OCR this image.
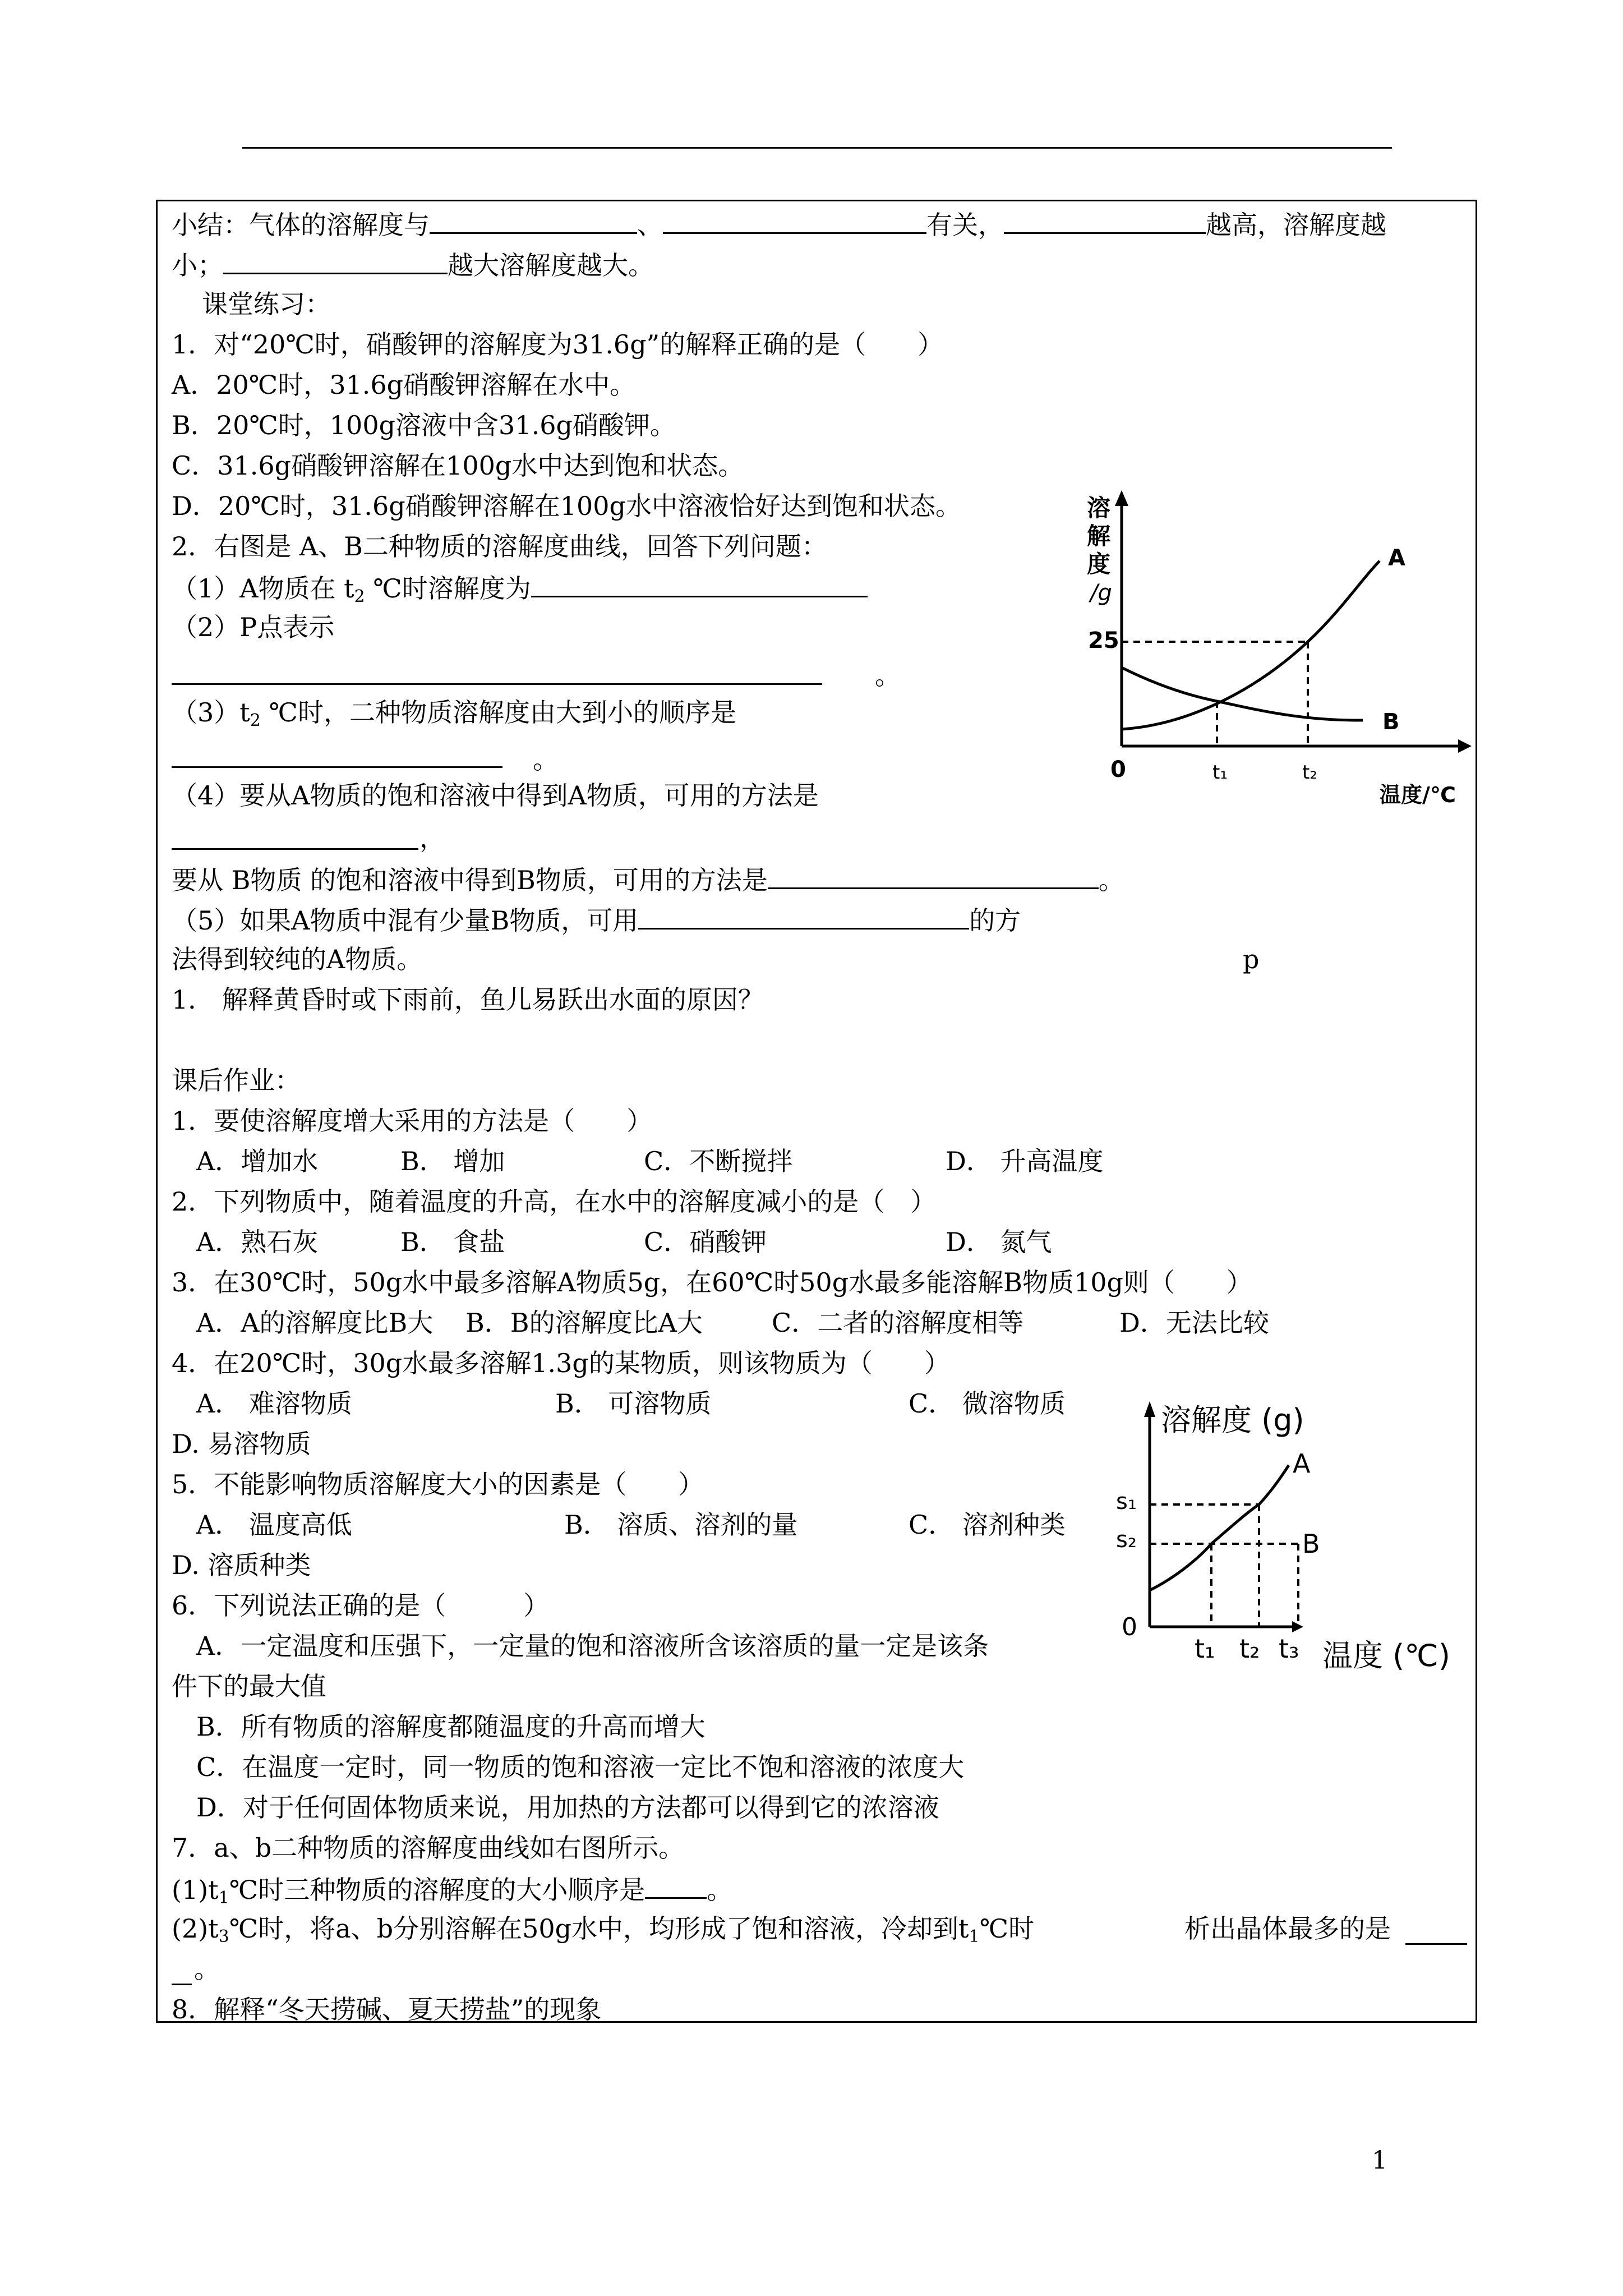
小结：气体的溶解度与	、	有关，	越高，溶解度越
小；	越大溶解度越大。
课堂练习：
1．对“20℃时，硝酸钾的溶解度为31.6g”的解释正确的是（　　）
A．20℃时，31.6g硝酸钾溶解在水中。
B．20℃时，100g溶液中含31.6g硝酸钾。
C．31.6g硝酸钾溶解在100g水中达到饱和状态。
D．20℃时，31.6g硝酸钾溶解在100g水中溶液恰好达到饱和状态。
2．右图是 A、B二种物质的溶解度曲线，回答下列问题：
（1）A物质在 $t_2$ ℃时溶解度为
（2）P点表示
。
$(3)t_2$ ℃时，二种物质溶解度由大到小的顺序是
。
（4）要从A物质的饱和溶液中得到A物质，可用的方法是
，
要从 B物质 的饱和溶液中得到B物质，可用的方法是	。
（5）如果A物质中混有少量B物质，可用	的方
法得到较纯的A物质。	p
1． 解释黄昏时或下雨前，鱼儿易跃出水面的原因？
课后作业：
1．要使溶解度增大采用的方法是（　　）
A．增加水	B． 增加	C．不断搅拌	D． 升高温度
2．下列物质中，随着温度的升高，在水中的溶解度减小的是（　）
A．熟石灰	B． 食盐	C．硝酸钾	D． 氮气
3．在30℃时，50g水中最多溶解A物质5g，在60℃时50g水最多能溶解B物质10g则（　　）
A．A的溶解度比B大 B．B的溶解度比A大	C．二者的溶解度相等	D．无法比较
4．在20℃时，30g水最多溶解1.3g的某物质，则该物质为（　　）
A． 难溶物质	B． 可溶物质	C． 微溶物质
D. 易溶物质
5．不能影响物质溶解度大小的因素是（　　）
A． 温度高低	B． 溶质、溶剂的量	C． 溶剂种类
D. 溶质种类
6．下列说法正确的是（　　　）
A．一定温度和压强下，一定量的饱和溶液所含该溶质的量一定是该条
件下的最大值
B．所有物质的溶解度都随温度的升高而增大
C．在温度一定时，同一物质的饱和溶液一定比不饱和溶液的浓度大
D．对于任何固体物质来说，用加热的方法都可以得到它的浓溶液
7．a、b二种物质的溶解度曲线如右图所示。
$(1)t_1℃$时三种物质的溶解度的大小顺序是 。
$(2)t_3℃$时，将a、b分别溶解在50g水中，均形成了饱和溶液，冷却到$t_1℃$时	析出晶体最多的是
。
8．解释“冬天捞碱、夏天捞盐”的现象
1
溶
解
度
/g
25
0	t₁	t₂
温度/℃
A
B
溶解度 (g)
s₁
s₂
0
t₁ t₂ t₃ 温度 (℃)
A
B
